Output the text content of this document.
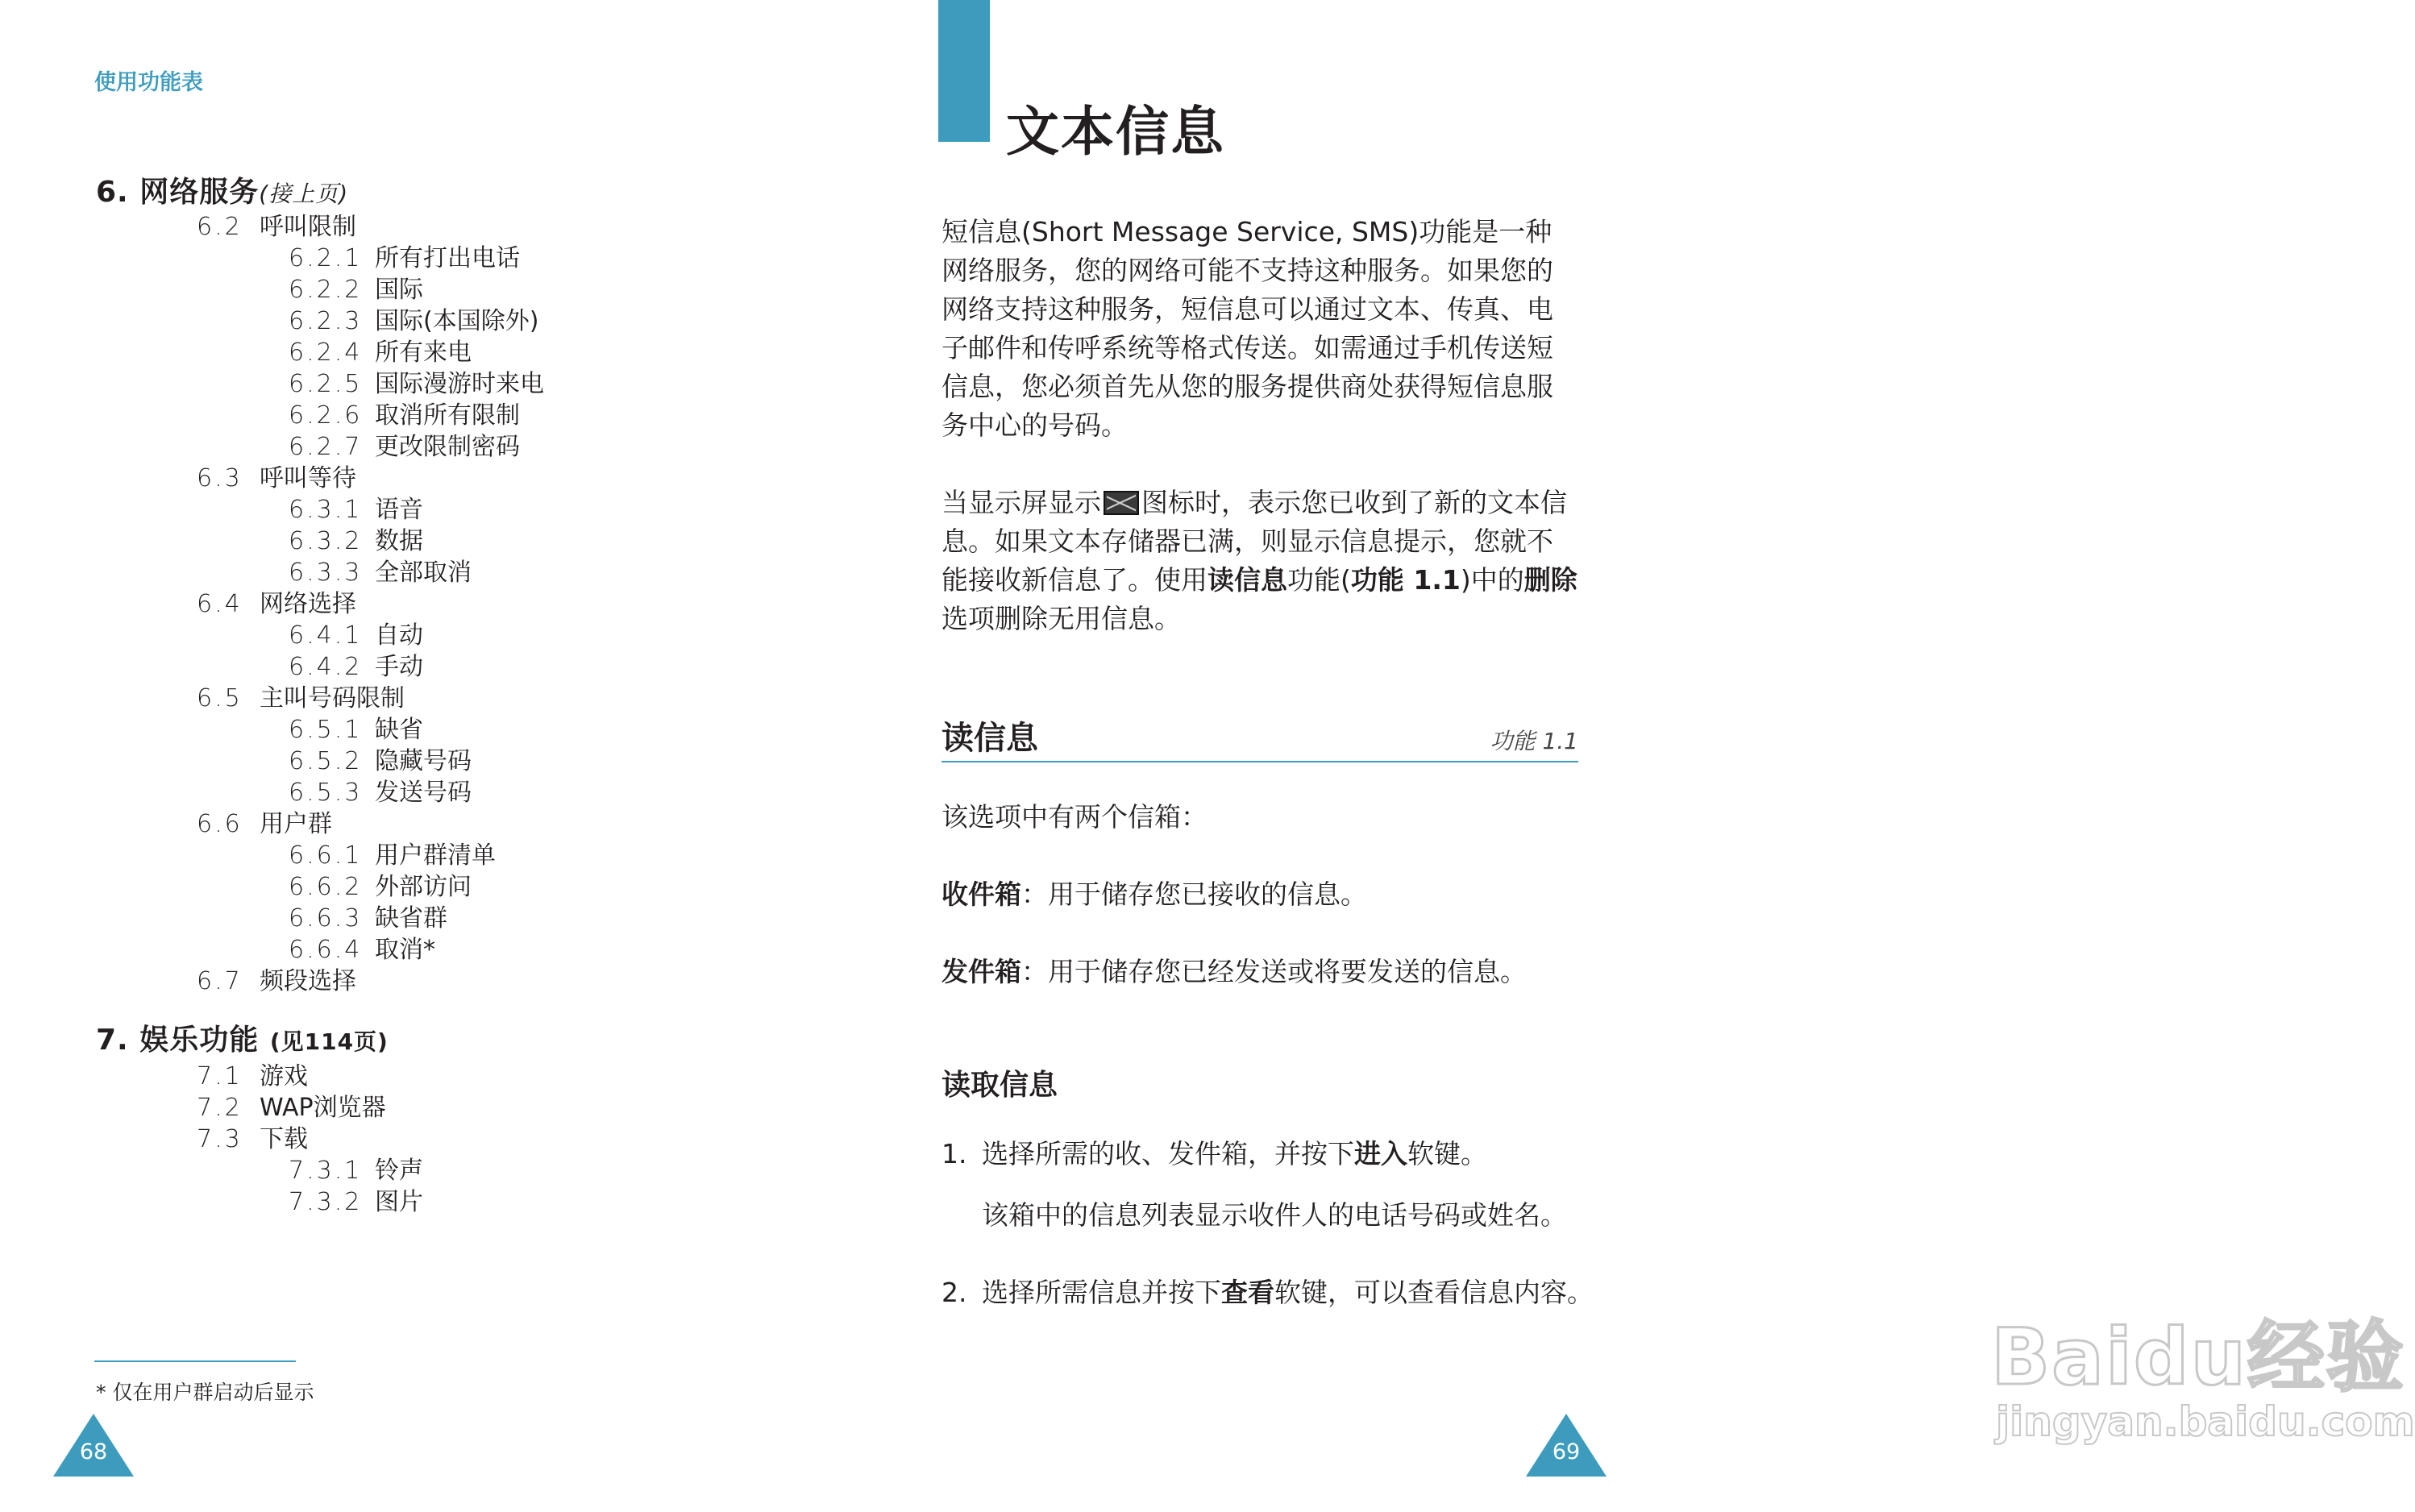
使用功能表
6. 网络服务(接上页)
6.2 呼叫限制
6.2.1 所有打出电话
6.2.2 国际
6.2.3 国际(本国除外)
6.2.4 所有来电
6.2.5 国际漫游时来电
6.2.6 取消所有限制
6.2.7 更改限制密码
6.3 呼叫等待
6.3.1 语音
6.3.2 数据
6.3.3 全部取消
6.4 网络选择
6.4.1 自动
6.4.2 手动
6.5 主叫号码限制
6.5.1 缺省
6.5.2 隐藏号码
6.5.3 发送号码
6.6 用户群
6.6.1 用户群清单
6.6.2 外部访问
6.6.3 缺省群
6.6.4 取消*
6.7 频段选择
7. 娱乐功能 (见114页)
7.1 游戏
7.2 WAP浏览器
7.3 下载
7.3.1 铃声
7.3.2 图片
* 仅在用户群启动后显示
68
文本信息
短信息(Short Message Service, SMS)功能是一种网络服务，您的网络可能不支持这种服务。如果您的网络支持这种服务，短信息可以通过文本、传真、电子邮件和传呼系统等格式传送。如需通过手机传送短信息，您必须首先从您的服务提供商处获得短信息服务中心的号码。
当显示屏显示 图标时，表示您已收到了新的文本信息。如果文本存储器已满，则显示信息提示，您就不能接收新信息了。使用读信息功能(功能 1.1)中的删除选项删除无用信息。
读信息	功能 1.1
该选项中有两个信箱：
收件箱：用于储存您已接收的信息。
发件箱：用于储存您已经发送或将要发送的信息。
读取信息
1. 选择所需的收、发件箱，并按下进入软键。
该箱中的信息列表显示收件人的电话号码或姓名。
2. 选择所需信息并按下查看软键，可以查看信息内容。
Baidu经验
jingyan.baidu.com
69
